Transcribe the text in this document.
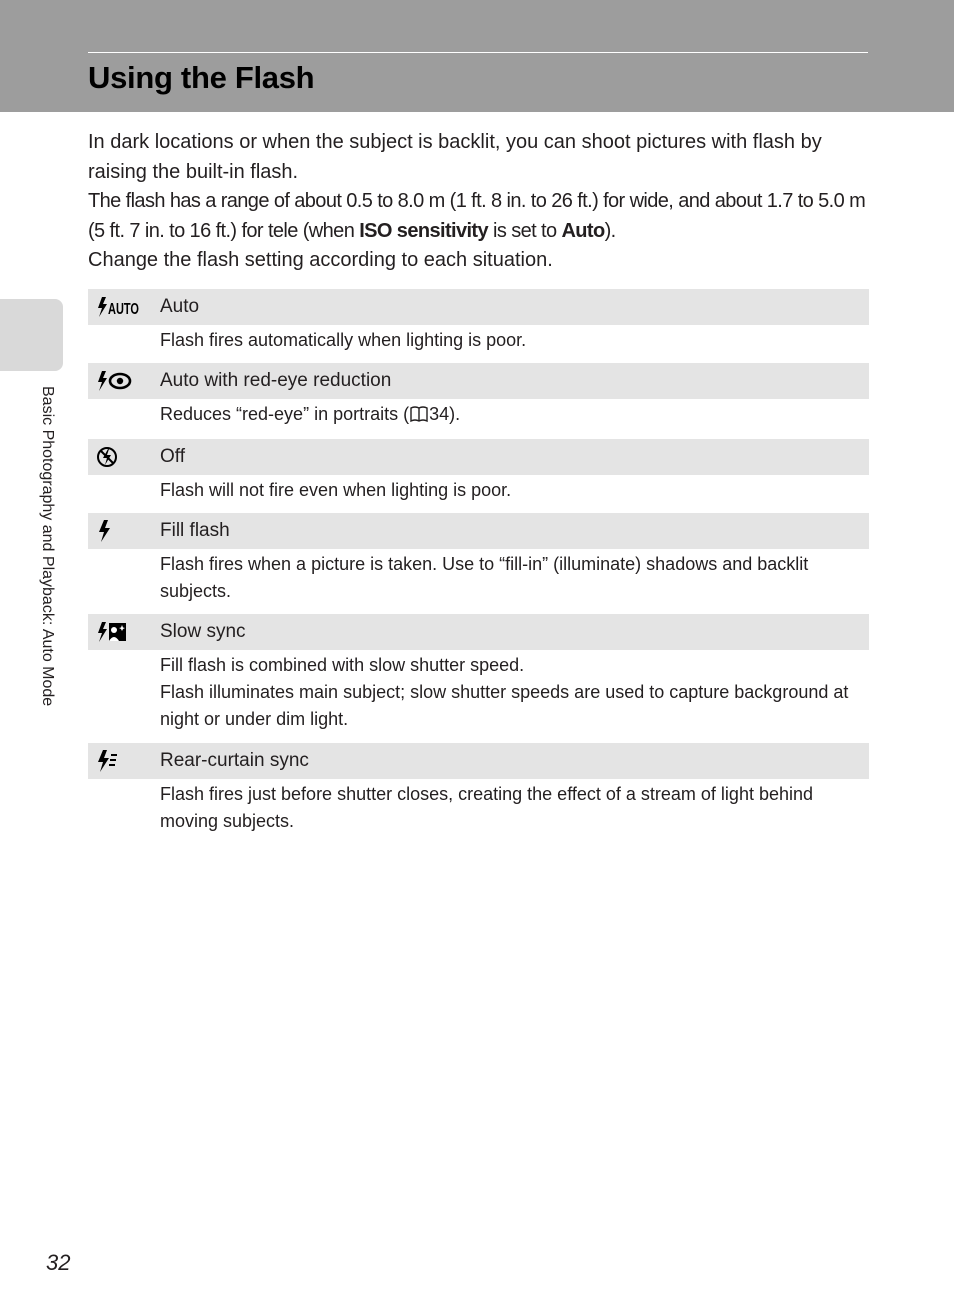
Using the Flash
Basic Photography and Playback: Auto Mode

In dark locations or when the subject is backlit, you can shoot pictures with flash by raising the built-in flash.

The flash has a range of about 0.5 to 8.0 m (1 ft. 8 in. to 26 ft.) for wide, and about 1.7 to 5.0 m (5 ft. 7 in. to 16 ft.) for tele (when ISO sensitivity is set to Auto).

Change the flash setting according to each situation.

AUTO Auto

Flash fires automatically when lighting is poor.

Auto with red-eye reduction

Reduces “red-eye” in portraits ( 34).

Off

Flash will not fire even when lighting is poor.

Fill flash

Flash fires when a picture is taken. Use to “fill-in” (illuminate) shadows and backlit subjects.

Slow sync

Fill flash is combined with slow shutter speed.

Flash illuminates main subject; slow shutter speeds are used to capture background at night or under dim light.

Rear-curtain sync

Flash fires just before shutter closes, creating the effect of a stream of light behind moving subjects.

32
